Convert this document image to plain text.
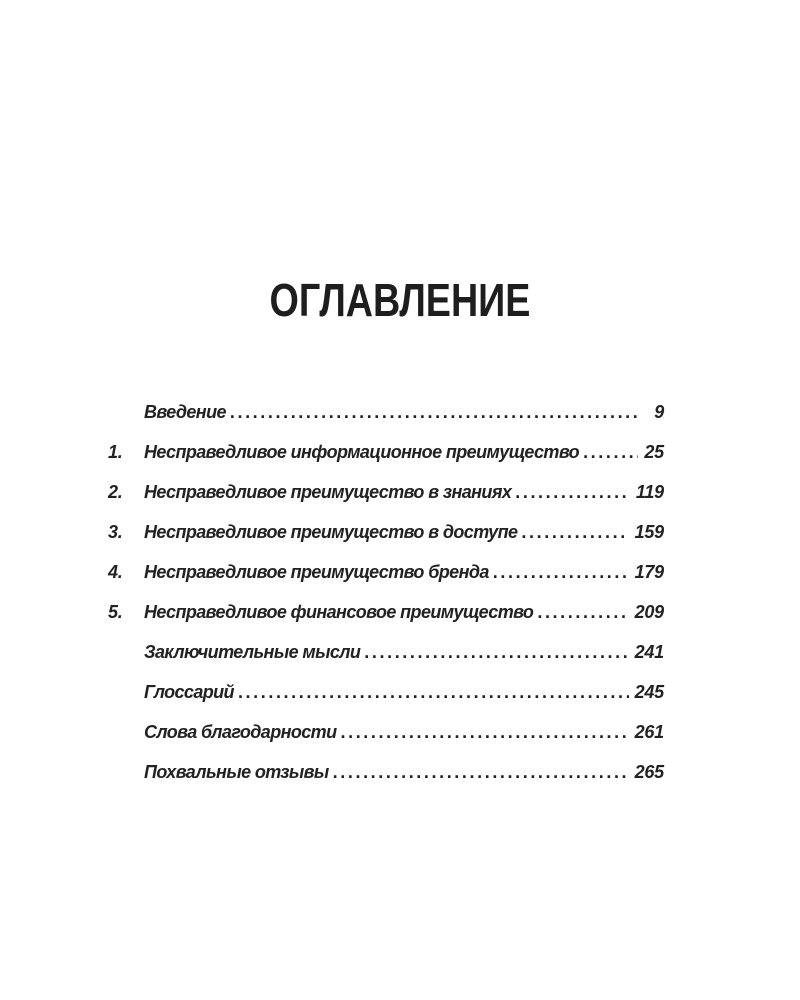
ОГЛАВЛЕНИЕ
Введение . . .	9
1.	Несправедливое информационное преимущество . . .	25
2.	Несправедливое преимущество в знаниях . . .	119
3.	Несправедливое преимущество в доступе . . .	159
4.	Несправедливое преимущество бренда . . .	179
5.	Несправедливое финансовое преимущество . . .	209
Заключительные мысли . . .	241
Глоссарий . . .	245
Слова благодарности . . .	261
Похвальные отзывы . . .	265
